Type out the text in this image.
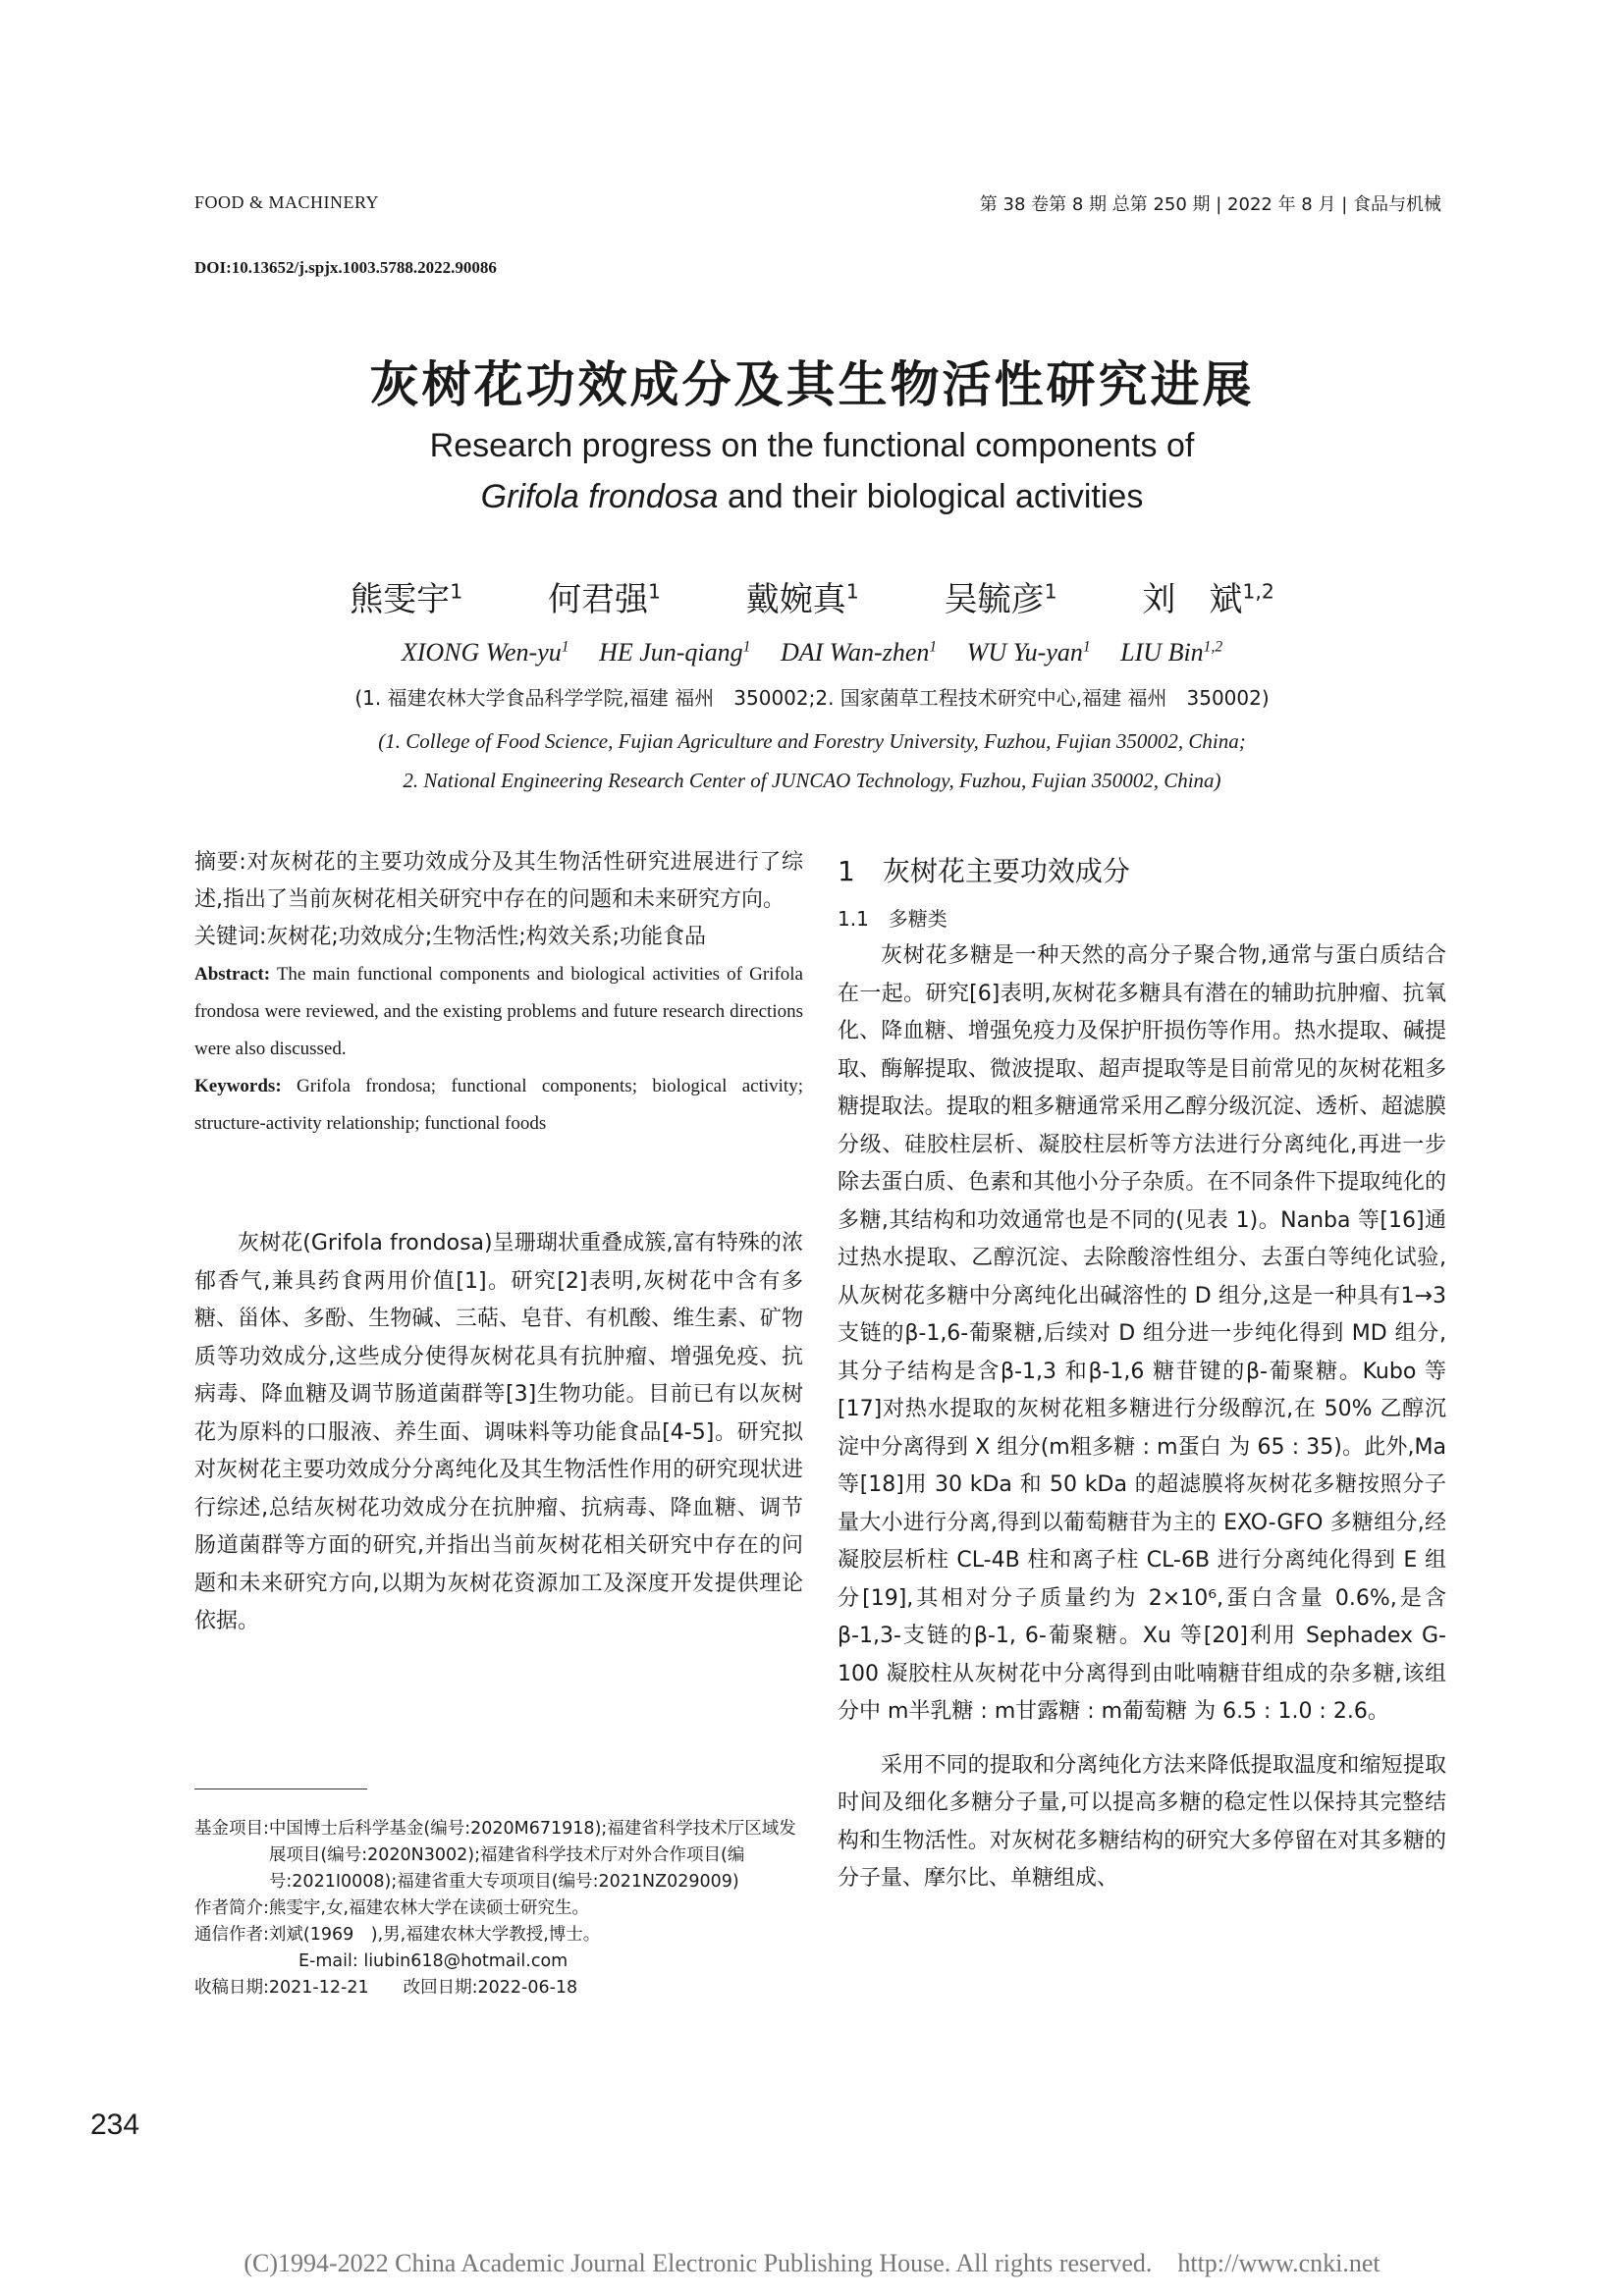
FOOD & MACHINERY	第 38 卷第 8 期 总第 250 期 | 2022 年 8 月 | 食品与机械
DOI:10.13652/j.spjx.1003.5788.2022.90086
灰树花功效成分及其生物活性研究进展
Research progress on the functional components of
Grifola frondosa and their biological activities
熊雯宇$^1$	何君强$^1$	戴婉真$^1$	吴毓彦$^1$	刘　斌$^{1,2}$
XIONG Wen-$yu^1$ HE Jun-qiang$^1$ DAI Wan-zhen$^1$ WU Yu-yan$^1$ LIU Bin$^{1,2}$
(1. 福建农林大学食品科学学院,福建 福州　350002;2. 国家菌草工程技术研究中心,福建 福州　350002)
(1. College of Food Science, Fujian Agriculture and Forestry University, Fuzhou, Fujian 350002, China;
2. National Engineering Research Center of JUNCAO Technology, Fuzhou, Fujian 350002, China)

摘要:对灰树花的主要功效成分及其生物活性研究进展进行了综述,指出了当前灰树花相关研究中存在的问题和未来研究方向。

关键词:灰树花;功效成分;生物活性;构效关系;功能食品

Abstract: The main functional components and biological activities of Grifola frondosa were reviewed, and the existing problems and future research directions were also discussed.

Keywords: Grifola frondosa; functional components; biological activity; structure-activity relationship; functional foods

灰树花(Grifola frondosa)呈珊瑚状重叠成簇,富有特殊的浓郁香气,兼具药食两用价值[1]。研究[2]表明,灰树花中含有多糖、甾体、多酚、生物碱、三萜、皂苷、有机酸、维生素、矿物质等功效成分,这些成分使得灰树花具有抗肿瘤、增强免疫、抗病毒、降血糖及调节肠道菌群等[3]生物功能。目前已有以灰树花为原料的口服液、养生面、调味料等功能食品[4-5]。研究拟对灰树花主要功效成分分离纯化及其生物活性作用的研究现状进行综述,总结灰树花功效成分在抗肿瘤、抗病毒、降血糖、调节肠道菌群等方面的研究,并指出当前灰树花相关研究中存在的问题和未来研究方向,以期为灰树花资源加工及深度开发提供理论依据。

1　灰树花主要功效成分
1.1　多糖类

灰树花多糖是一种天然的高分子聚合物,通常与蛋白质结合在一起。研究[6]表明,灰树花多糖具有潜在的辅助抗肿瘤、抗氧化、降血糖、增强免疫力及保护肝损伤等作用。热水提取、碱提取、酶解提取、微波提取、超声提取等是目前常见的灰树花粗多糖提取法。提取的粗多糖通常采用乙醇分级沉淀、透析、超滤膜分级、硅胶柱层析、凝胶柱层析等方法进行分离纯化,再进一步除去蛋白质、色素和其他小分子杂质。在不同条件下提取纯化的多糖,其结构和功效通常也是不同的(见表 1)。Nanba 等[16]通过热水提取、乙醇沉淀、去除酸溶性组分、去蛋白等纯化试验,从灰树花多糖中分离纯化出碱溶性的 D 组分,这是一种具有1→3 支链的β-1,6-葡聚糖,后续对 D 组分进一步纯化得到 MD 组分,其分子结构是含β-1,3 和β-1,6 糖苷键的β-葡聚糖。Kubo 等[17]对热水提取的灰树花粗多糖进行分级醇沉,在 50% 乙醇沉淀中分离得到 X 组分(m粗多糖 : m蛋白 为 65 : 35)。此外,Ma 等[18]用 30 kDa 和 50 kDa 的超滤膜将灰树花多糖按照分子量大小进行分离,得到以葡萄糖苷为主的 EXO-GFO 多糖组分,经凝胶层析柱 CL-4B 柱和离子柱 CL-6B 进行分离纯化得到 E 组分[19],其相对分子质量约为 2×10⁶,蛋白含量 0.6%,是含β-1,3-支链的β-1, 6-葡聚糖。Xu 等[20]利用 Sephadex G-100 凝胶柱从灰树花中分离得到由吡喃糖苷组成的杂多糖,该组分中 m半乳糖 : m甘露糖 : m葡萄糖 为 6.5 : 1.0 : 2.6。

采用不同的提取和分离纯化方法来降低提取温度和缩短提取时间及细化多糖分子量,可以提高多糖的稳定性以保持其完整结构和生物活性。对灰树花多糖结构的研究大多停留在对其多糖的分子量、摩尔比、单糖组成、

基金项目: 中国博士后科学基金(编号:2020M671918);福建省科学技术厅区域发展项目(编号:2020N3002);福建省科学技术厅对外合作项目(编号:2021I0008);福建省重大专项项目(编号:2021NZ029009)
作者简介: 熊雯宇,女,福建农林大学在读硕士研究生。
通信作者: 刘斌(1969　),男,福建农林大学教授,博士。
E-mail: liubin618@hotmail.com
收稿日期:2021-12-21　　改回日期:2022-06-18
234
(C)1994-2022 China Academic Journal Electronic Publishing House. All rights reserved.　http://www.cnki.net
